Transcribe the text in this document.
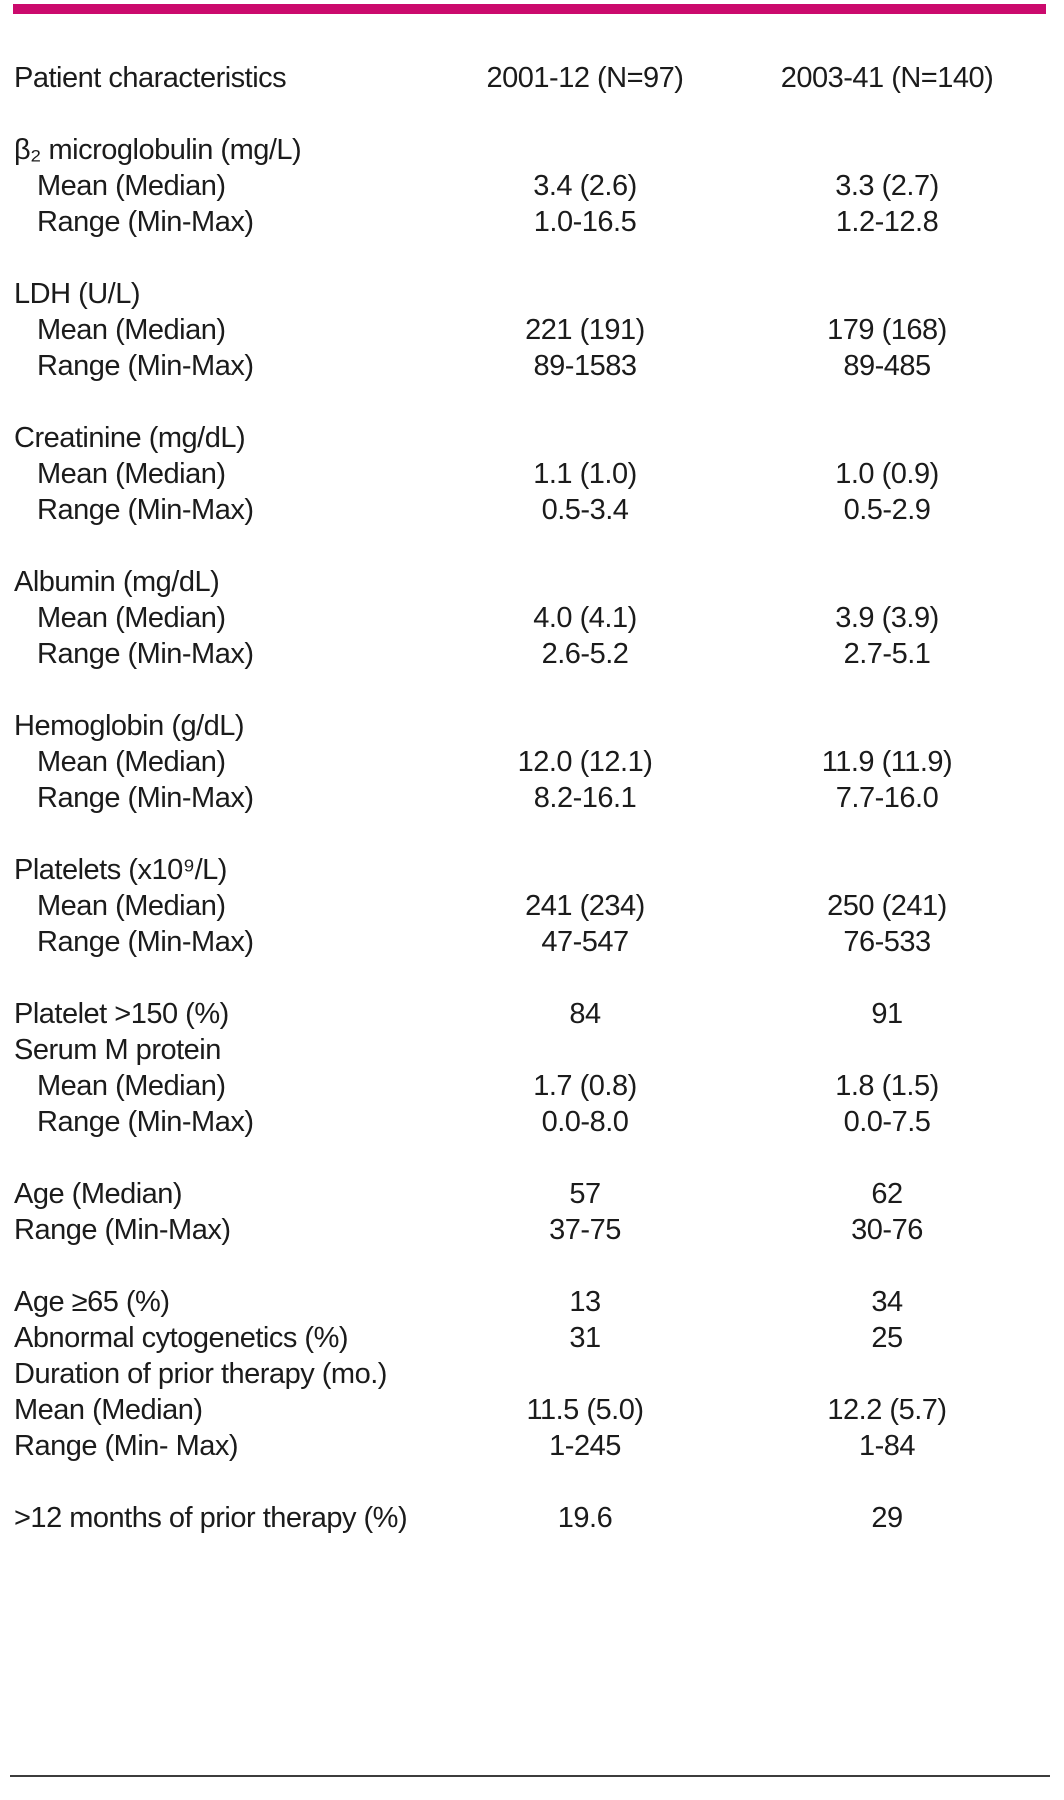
Patient characteristics	2001-12 (N=97)	2003-41 (N=140)
β₂ microglobulin (mg/L)
Mean (Median)	3.4 (2.6)	3.3 (2.7)
Range (Min-Max)	1.0-16.5	1.2-12.8
LDH (U/L)
Mean (Median)	221 (191)	179 (168)
Range (Min-Max)	89-1583	89-485
Creatinine (mg/dL)
Mean (Median)	1.1 (1.0)	1.0 (0.9)
Range (Min-Max)	0.5-3.4	0.5-2.9
Albumin (mg/dL)
Mean (Median)	4.0 (4.1)	3.9 (3.9)
Range (Min-Max)	2.6-5.2	2.7-5.1
Hemoglobin (g/dL)
Mean (Median)	12.0 (12.1)	11.9 (11.9)
Range (Min-Max)	8.2-16.1	7.7-16.0
Platelets (x10⁹/L)
Mean (Median)	241 (234)	250 (241)
Range (Min-Max)	47-547	76-533
Platelet >150 (%)	84	91
Serum M protein
Mean (Median)	1.7 (0.8)	1.8 (1.5)
Range (Min-Max)	0.0-8.0	0.0-7.5
Age (Median)	57	62
Range (Min-Max)	37-75	30-76
Age ≥65 (%)	13	34
Abnormal cytogenetics (%)	31	25
Duration of prior therapy (mo.)
Mean (Median)	11.5 (5.0)	12.2 (5.7)
Range (Min- Max)	1-245	1-84
>12 months of prior therapy (%)	19.6	29
